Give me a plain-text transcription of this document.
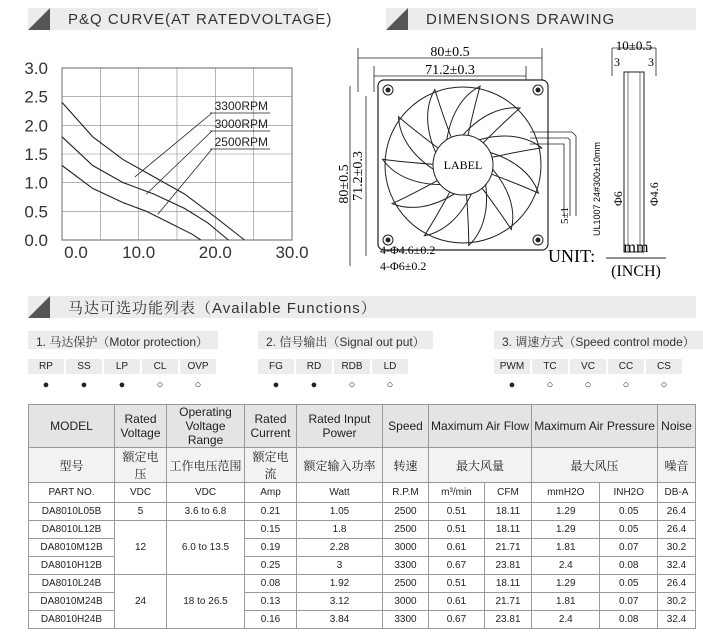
P&Q CURVE(AT RATEDVOLTAGE)
0.0
0.5
1.0
1.5
2.0
2.5
3.0
0.0 10.0	20.0	30.0
3300RPM
3000RPM
2500RPM
DIMENSIONS DRAWING
80±0.5
71.2±0.3
80±0.5 71.2±0.3	LABEL
5±1 UL1007 24#300±10mm
4-Φ4.6±0.2
4-Φ6±0.2
10±0.5
3 3
Φ6 Φ4.6
UNIT: mm
(INCH)
马达可选功能列表（Available Functions）
1. 马达保护（Motor protection）
RP
●
SS
●
LP
●
CL
○
OVP
○
2. 信号输出（Signal out put）
FG
●
RD
●
RDB
○
LD
○
3. 调速方式（Speed control mode）
PWM
●
TC
○
VC
○
CC
○
CS
○
MODEL	Rated Voltage	Operating Voltage Range	Rated Current	Rated Input Power	Speed	Maximum Air Flow		Maximum Air Pressure		Noise
型号	额定电压	工作电压范围	额定电流	额定输入功率	转速	最大风量		最大风压		噪音
PART NO.	VDC	VDC	Amp	Watt	R.P.M	m³/min	CFM	mmH2O	INH2O	DB-A
DA8010L05B	5	3.6 to 6.8	0.21	1.05	2500	0.51	18.11	1.29	0.05	26.4
DA8010L12B	12	6.0 to 13.5	0.15	1.8	2500	0.51	18.11	1.29	0.05	26.4
DA8010M12B			0.19	2.28	3000	0.61	21.71	1.81	0.07	30.2
DA8010H12B			0.25	3	3300	0.67	23.81	2.4	0.08	32.4
DA8010L24B	24	18 to 26.5	0.08	1.92	2500	0.51	18.11	1.29	0.05	26.4
DA8010M24B			0.13	3.12	3000	0.61	21.71	1.81	0.07	30.2
DA8010H24B			0.16	3.84	3300	0.67	23.81	2.4	0.08	32.4
